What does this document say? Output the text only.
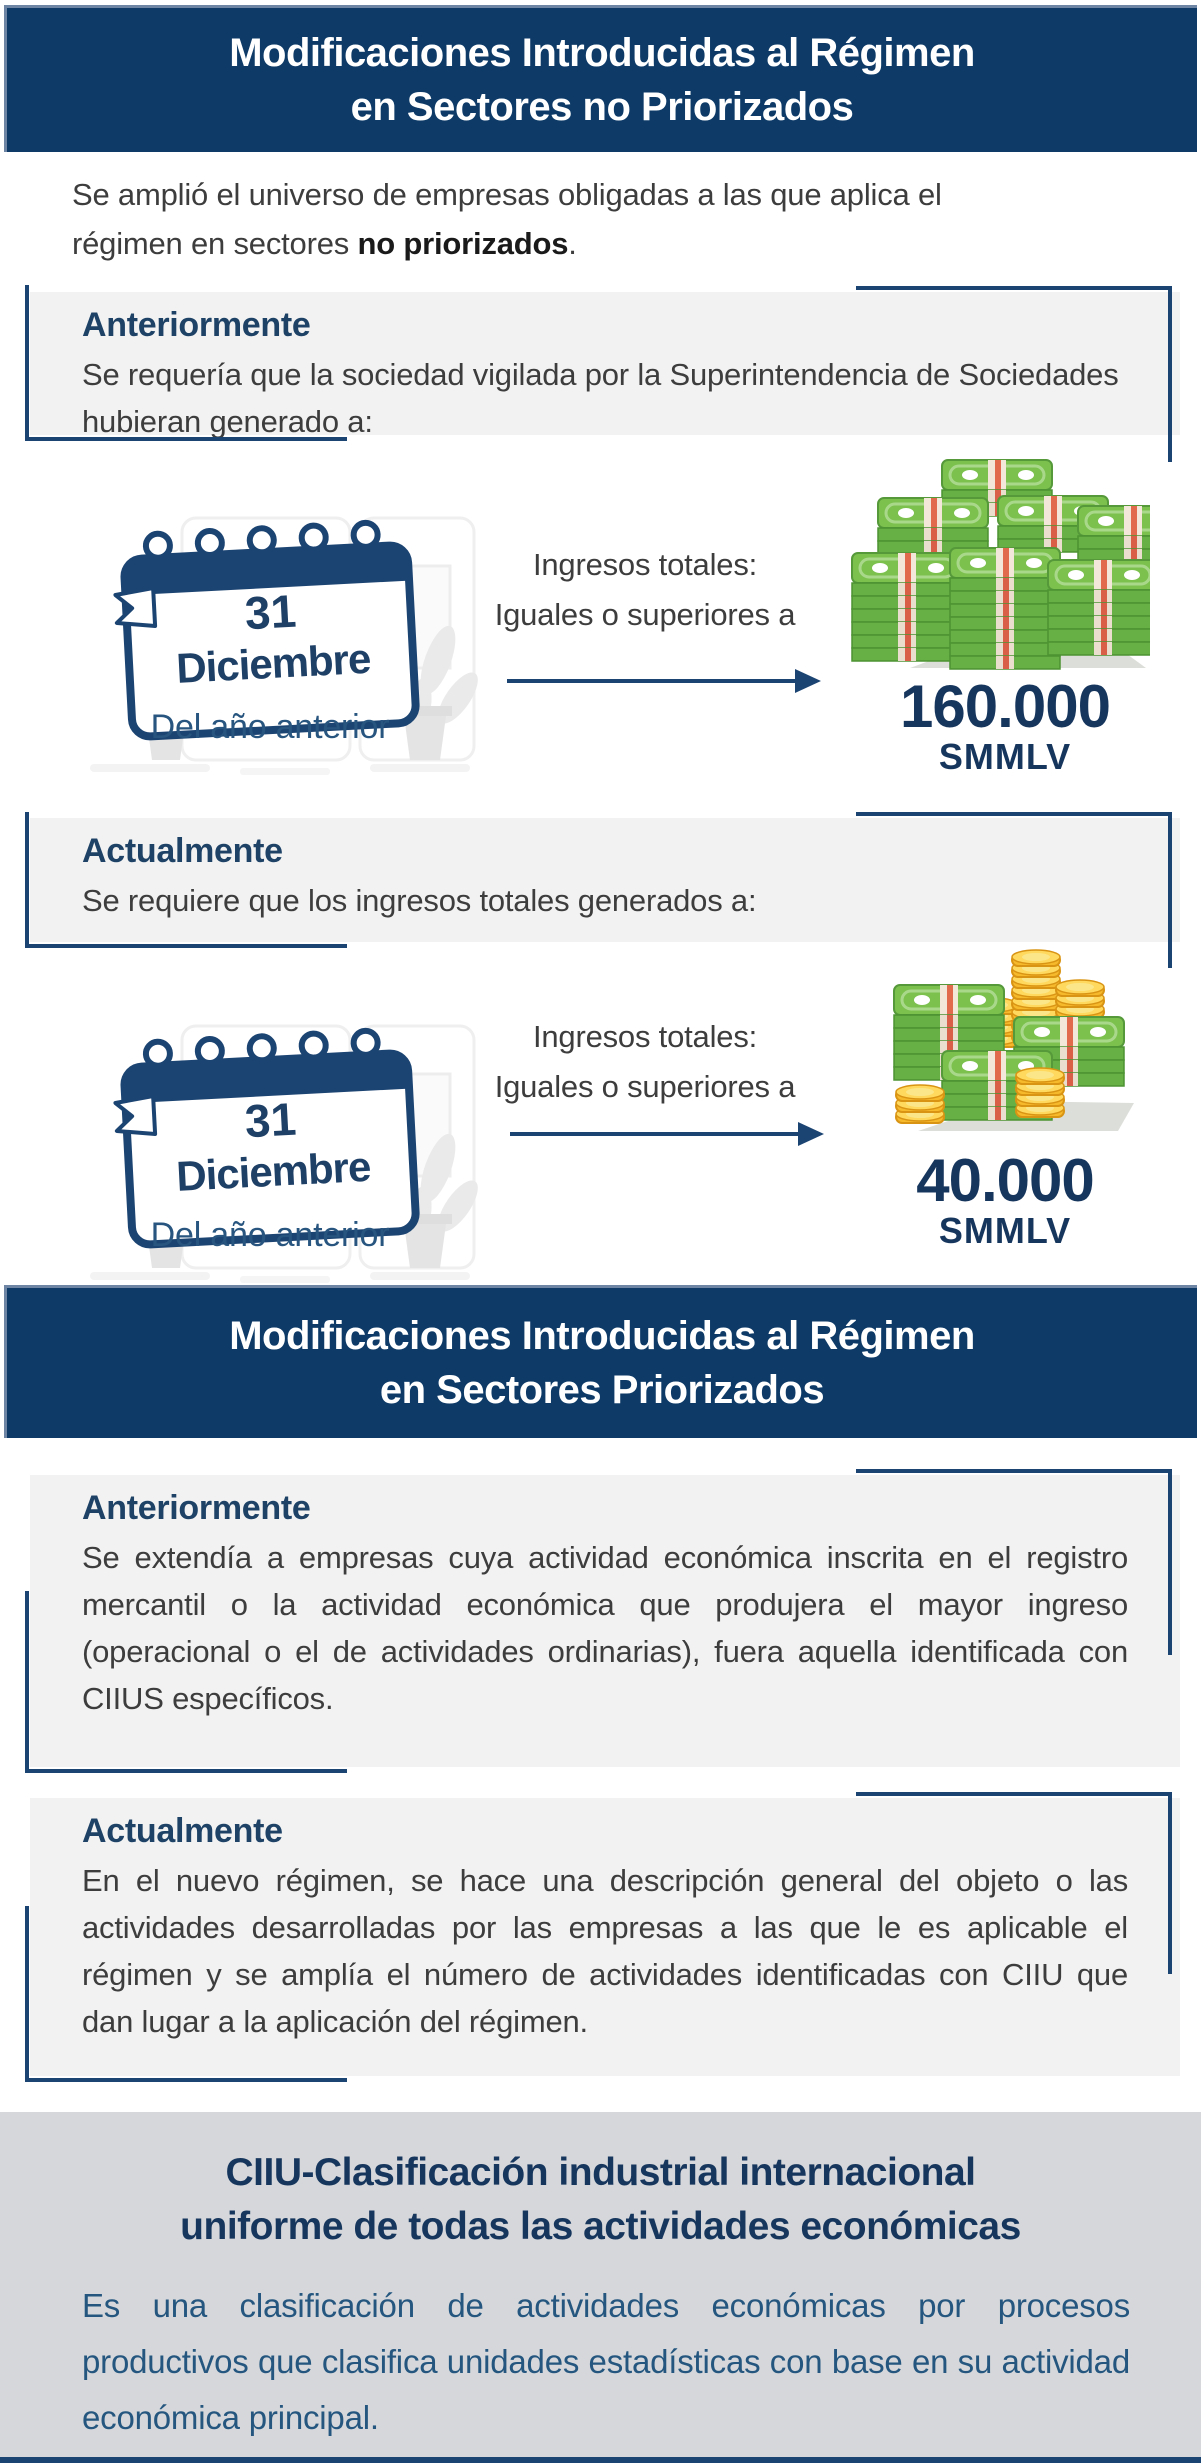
Modificaciones Introducidas al Régimen
en Sectores no Priorizados
Se amplió el universo de empresas obligadas a las que aplica el
régimen en sectores no priorizados.
Anteriormente
Se requería que la sociedad vigilada por la Superintendencia de Sociedades hubieran generado a:
31
Diciembre
Del año anterior
Ingresos totales:
Iguales o superiores a
160.000
SMMLV
Actualmente
Se requiere que los ingresos totales generados a:
31
Diciembre
Del año anterior
Ingresos totales:
Iguales o superiores a
40.000
SMMLV
Modificaciones Introducidas al Régimen
en Sectores Priorizados
Anteriormente
Se extendía a empresas cuya actividad económica inscrita en el registro mercantil o la actividad económica que produjera el mayor ingreso (operacional o el de actividades ordinarias), fuera aquella identificada con CIIUS específicos.
Actualmente
En el nuevo régimen, se hace una descripción general del objeto o las actividades desarrolladas por las empresas a las que le es aplicable el régimen y se amplía el número de actividades identificadas con CIIU que dan lugar a la aplicación del régimen.
CIIU-Clasificación industrial internacional
uniforme de todas las actividades económicas
Es una clasificación de actividades económicas por procesos productivos que clasifica unidades estadísticas con base en su actividad económica principal.
